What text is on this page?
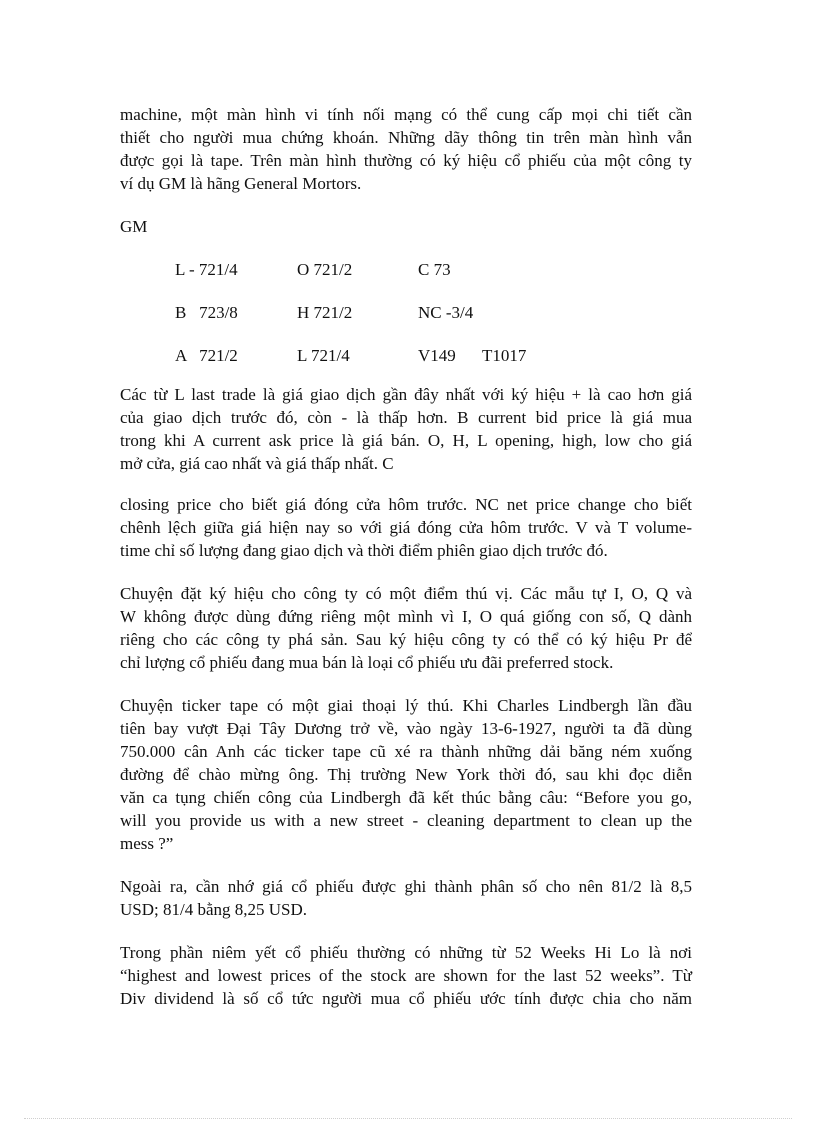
machine, một màn hình vi tính nối mạng có thể cung cấp mọi chi tiết cần
thiết cho người mua chứng khoán. Những dãy thông tin trên màn hình vẫn
được gọi là tape. Trên màn hình thường có ký hiệu cổ phiếu của một công ty
ví dụ GM là hãng General Mortors.

GM

L - 721/4	O 721/2	C 73
B   723/8	H 721/2	NC -3/4
A   721/2	L 721/4	V149 T1017
Các từ L last trade là giá giao dịch gần đây nhất với ký hiệu + là cao hơn giá
của giao dịch trước đó, còn - là thấp hơn. B current bid price là giá mua
trong khi A current ask price là giá bán. O, H, L opening, high, low cho giá
mở cửa, giá cao nhất và giá thấp nhất. C
closing price cho biết giá đóng cửa hôm trước. NC net price change cho biết
chênh lệch giữa giá hiện nay so với giá đóng cửa hôm trước. V và T volume-
time chỉ số lượng đang giao dịch và thời điểm phiên giao dịch trước đó.
Chuyện đặt ký hiệu cho công ty có một điểm thú vị. Các mẫu tự I, O, Q và
W không được dùng đứng riêng một mình vì I, O quá giống con số, Q dành
riêng cho các công ty phá sản. Sau ký hiệu công ty có thể có ký hiệu Pr để
chỉ lượng cổ phiếu đang mua bán là loại cổ phiếu ưu đãi preferred stock.
Chuyện ticker tape có một giai thoại lý thú. Khi Charles Lindbergh lần đầu
tiên bay vượt Đại Tây Dương trở về, vào ngày 13-6-1927, người ta đã dùng
750.000 cân Anh các ticker tape cũ xé ra thành những dải băng ném xuống
đường để chào mừng ông. Thị trường New York thời đó, sau khi đọc diễn
văn ca tụng chiến công của Lindbergh đã kết thúc bằng câu: “Before you go,
will you provide us with a new street - cleaning department to clean up the
mess ?”
Ngoài ra, cần nhớ giá cổ phiếu được ghi thành phân số cho nên 81/2 là 8,5
USD; 81/4 bằng 8,25 USD.
Trong phần niêm yết cổ phiếu thường có những từ 52 Weeks Hi Lo là nơi
“highest and lowest prices of the stock are shown for the last 52 weeks”. Từ
Div dividend là số cổ tức người mua cổ phiếu ước tính được chia cho năm
